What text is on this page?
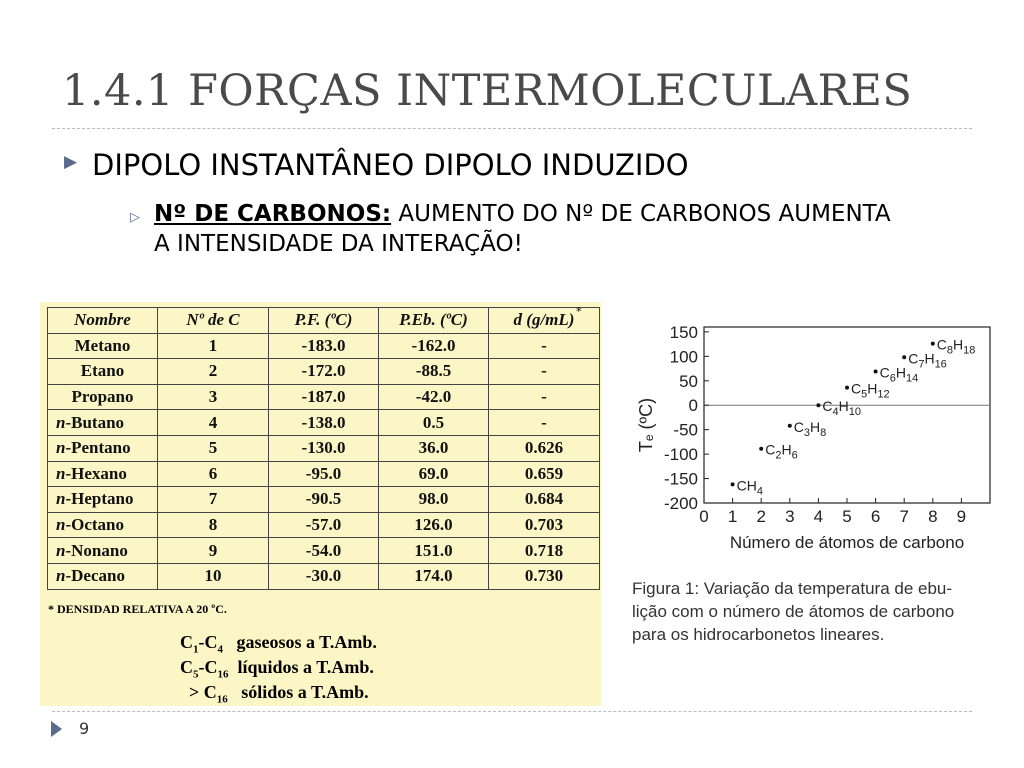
1.4.1 FORÇAS INTERMOLECULARES
▶ DIPOLO INSTANTÂNEO DIPOLO INDUZIDO
▷ Nº DE CARBONOS: AUMENTO DO Nº DE CARBONOS AUMENTA A INTENSIDADE DA INTERAÇÃO!
Nombre	Nº de C	P.F. (ºC)	P.Eb. (ºC)	d (g/mL)
Metano	1	-183.0	-162.0	-
Etano	2	-172.0	-88.5	-
Propano	3	-187.0	-42.0	-
n-Butano	4	-138.0	0.5	-
n-Pentano	5	-130.0	36.0	0.626
n-Hexano	6	-95.0	69.0	0.659
n-Heptano	7	-90.5	98.0	0.684
n-Octano	8	-57.0	126.0	0.703
n-Nonano	9	-54.0	151.0	0.718
n-Decano	10	-30.0	174.0	0.730
*
* DENSIDAD RELATIVA A 20 ºC.
$C_1-C_4$ gaseosos a T.Amb.
$C_5-C_{16}$ líquidos a T.Amb.
> $C_{16}$ sólidos a T.Amb.
150
100
50
0
-50
-100
-150
-200
0 1 2 3 4 5 6 7 8 9
Número de átomos de carbono
Tₑ (ºC)
$CH_4$
$C_2H_6$
$C_3H_8$
$C_4H_{10}$
$C_5H_{12}$
$C_6H_{14}$
$C_7H_{16}$
$C_8H_{18}$
Figura 1: Variação da temperatura de ebu-
lição com o número de átomos de carbono
para os hidrocarbonetos lineares.
9
